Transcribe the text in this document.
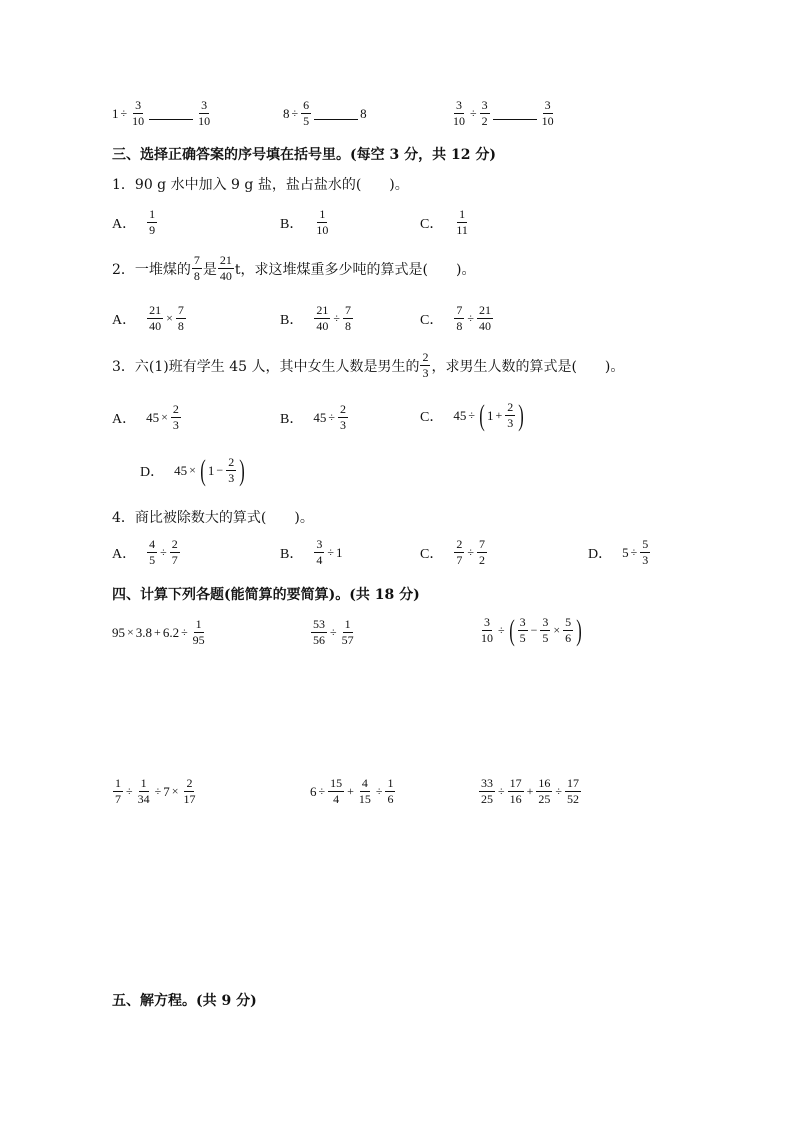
$1 \div \frac{3}{10}$	$\frac{3}{10}$	$8 \div \frac{6}{5}$	8	$\frac{3}{10} \div \frac{3}{2}$	$\frac{3}{10}$
三、选择正确答案的序号填在括号里。(每空 3 分，共 12 分)
1． 90 g 水中加入 9 g 盐，盐占盐水的(　　)。
A． $\frac{1}{9}$	B． $\frac{1}{10}$	C． $\frac{1}{11}$
2． 一堆煤的 $\frac{7}{8}$ 是 $\frac{21}{40}$ t，求这堆煤重多少吨的算式是(　　)。
A． $\frac{21}{40} \times \frac{7}{8}$	B． $\frac{21}{40} \div \frac{7}{8}$	C． $\frac{7}{8} \div \frac{21}{40}$
3． 六(1)班有学生 45 人，其中女生人数是男生的 $\frac{2}{3}$ ，求男生人数的算式是(　　)。
A． $45 \times \frac{2}{3}$	B． $45 \div \frac{2}{3}$	C． 45 ÷ ( $1 + \frac{2}{3}$ )
D． 45 × ( $1 - \frac{2}{3}$ )
4． 商比被除数大的算式(　　)。
A． $\frac{4}{5} \div \frac{2}{7}$	B． $\frac{3}{4} \div 1$	C． $\frac{2}{7} \div \frac{7}{2}$	D． $5 \div \frac{5}{3}$
四、计算下列各题(能简算的要简算)。(共 18 分)
$95 \times 3.8 + 6.2 \div \frac{1}{95}$	$\frac{53}{56} \div \frac{1}{57}$	$\frac{3}{10}$ ÷ ( $\frac{3}{5} - \frac{3}{5} \times \frac{5}{6}$ )
$\frac{1}{7} \div \frac{1}{34} \div 7 \times \frac{2}{17}$	$6 \div \frac{15}{4} + \frac{4}{15} \div \frac{1}{6}$	$\frac{33}{25} \div \frac{17}{16} + \frac{16}{25} \div \frac{17}{52}$
五、解方程。(共 9 分)
